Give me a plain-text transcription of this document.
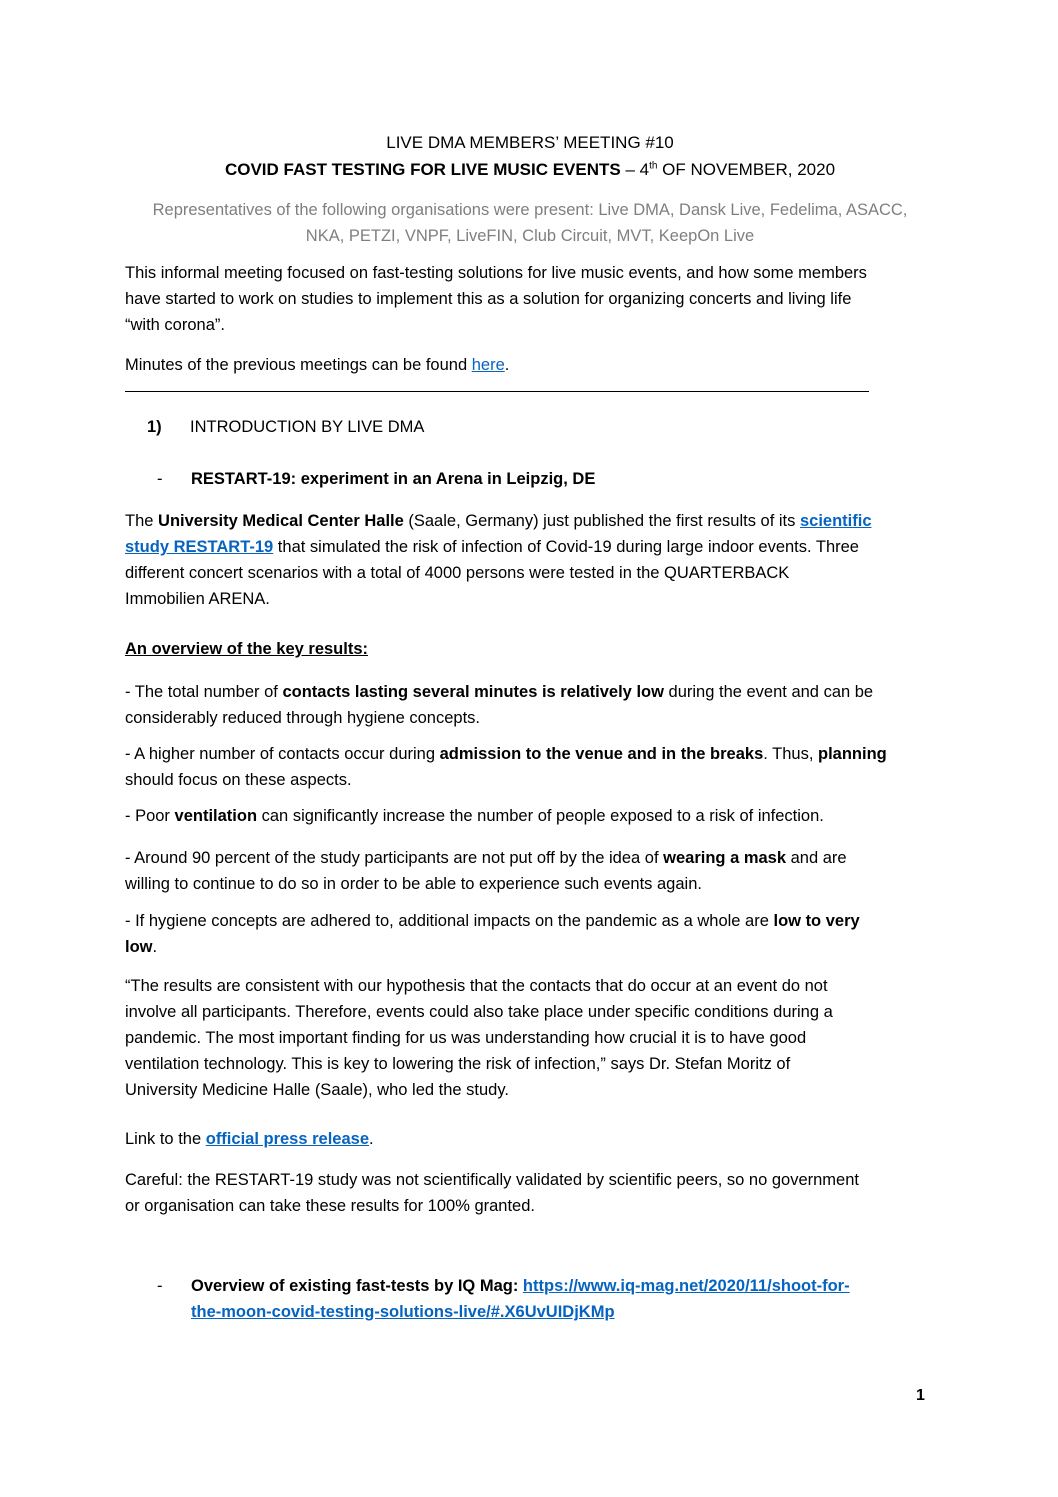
LIVE DMA MEMBERS’ MEETING #10
COVID FAST TESTING FOR LIVE MUSIC EVENTS – 4th OF NOVEMBER, 2020
Representatives of the following organisations were present: Live DMA, Dansk Live, Fedelima, ASACC,
NKA, PETZI, VNPF, LiveFIN, Club Circuit, MVT, KeepOn Live
This informal meeting focused on fast-testing solutions for live music events, and how some members
have started to work on studies to implement this as a solution for organizing concerts and living life
“with corona”.
Minutes of the previous meetings can be found here.
1) INTRODUCTION BY LIVE DMA
- RESTART-19: experiment in an Arena in Leipzig, DE
The University Medical Center Halle (Saale, Germany) just published the first results of its scientific
study RESTART-19 that simulated the risk of infection of Covid-19 during large indoor events. Three
different concert scenarios with a total of 4000 persons were tested in the QUARTERBACK
Immobilien ARENA.
An overview of the key results:
- The total number of contacts lasting several minutes is relatively low during the event and can be
considerably reduced through hygiene concepts.
- A higher number of contacts occur during admission to the venue and in the breaks. Thus, planning
should focus on these aspects.
- Poor ventilation can significantly increase the number of people exposed to a risk of infection.
- Around 90 percent of the study participants are not put off by the idea of wearing a mask and are
willing to continue to do so in order to be able to experience such events again.
- If hygiene concepts are adhered to, additional impacts on the pandemic as a whole are low to very
low.
“The results are consistent with our hypothesis that the contacts that do occur at an event do not
involve all participants. Therefore, events could also take place under specific conditions during a
pandemic. The most important finding for us was understanding how crucial it is to have good
ventilation technology. This is key to lowering the risk of infection,” says Dr. Stefan Moritz of
University Medicine Halle (Saale), who led the study.
Link to the official press release.
Careful: the RESTART-19 study was not scientifically validated by scientific peers, so no government
or organisation can take these results for 100% granted.
- Overview of existing fast-tests by IQ Mag: https://www.iq-mag.net/2020/11/shoot-for-
the-moon-covid-testing-solutions-live/#.X6UvUIDjKMp
1
